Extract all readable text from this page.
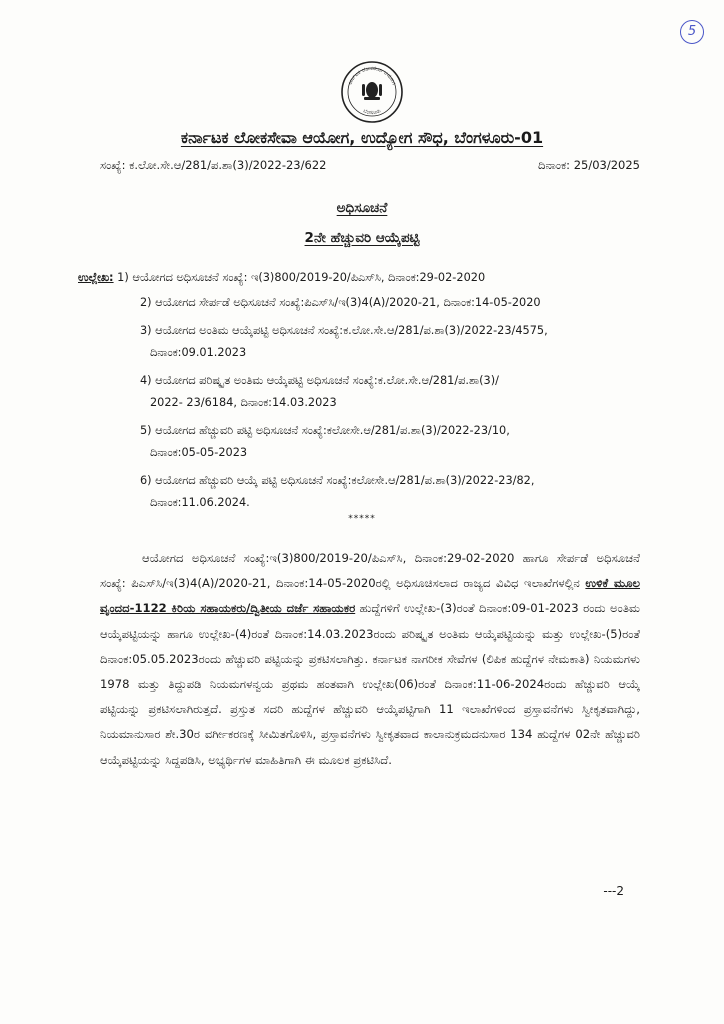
5
ಕರ್ನಾಟಕ ಲೋಕಸೇವಾ ಆಯೋಗ
ಬೆಂಗಳೂರು
ಕರ್ನಾಟಕ ಲೋಕಸೇವಾ ಆಯೋಗ, ಉದ್ಯೋಗ ಸೌಧ, ಬೆಂಗಳೂರು-01
ಸಂಖ್ಯೆ: ಕ.ಲೋ.ಸೇ.ಆ/281/ಪ.ಶಾ(3)/2022-23/622	ದಿನಾಂಕ: 25/03/2025
ಅಧಿಸೂಚನೆ
2ನೇ ಹೆಚ್ಚುವರಿ ಆಯ್ಕೆಪಟ್ಟಿ
ಉಲ್ಲೇಖ: 1) ಆಯೋಗದ ಅಧಿಸೂಚನೆ ಸಂಖ್ಯೆ: ಇ(3)800/2019-20/ಪಿಎಸ್‌ಸಿ, ದಿನಾಂಕ:29-02-2020
2) ಆಯೋಗದ ಸೇರ್ಪಡೆ ಅಧಿಸೂಚನೆ ಸಂಖ್ಯೆ:ಪಿಎಸ್‌ಸಿ/ಇ(3)4(A)/2020-21, ದಿನಾಂಕ:14-05-2020
3) ಆಯೋಗದ ಅಂತಿಮ ಆಯ್ಕೆಪಟ್ಟಿ ಅಧಿಸೂಚನೆ ಸಂಖ್ಯೆ:ಕ.ಲೋ.ಸೇ.ಆ/281/ಪ.ಶಾ(3)/2022-23/4575,
ದಿನಾಂಕ:09.01.2023
4) ಆಯೋಗದ ಪರಿಷ್ಕೃತ ಅಂತಿಮ ಆಯ್ಕೆಪಟ್ಟಿ ಅಧಿಸೂಚನೆ ಸಂಖ್ಯೆ:ಕ.ಲೋ.ಸೇ.ಆ/281/ಪ.ಶಾ(3)/
2022- 23/6184, ದಿನಾಂಕ:14.03.2023
5) ಆಯೋಗದ ಹೆಚ್ಚುವರಿ ಪಟ್ಟಿ ಅಧಿಸೂಚನೆ ಸಂಖ್ಯೆ:ಕಲೋಸೇ.ಆ/281/ಪ.ಶಾ(3)/2022-23/10,
ದಿನಾಂಕ:05-05-2023
6) ಆಯೋಗದ ಹೆಚ್ಚುವರಿ ಆಯ್ಕೆ ಪಟ್ಟಿ ಅಧಿಸೂಚನೆ ಸಂಖ್ಯೆ:ಕಲೋಸೇ.ಆ/281/ಪ.ಶಾ(3)/2022-23/82,
ದಿನಾಂಕ:11.06.2024.
*****
ಆಯೋಗದ ಅಧಿಸೂಚನೆ ಸಂಖ್ಯೆ:ಇ(3)800/2019-20/ಪಿಎಸ್‌ಸಿ, ದಿನಾಂಕ:29-02-2020 ಹಾಗೂ ಸೇರ್ಪಡೆ ಅಧಿಸೂಚನೆ ಸಂಖ್ಯೆ: ಪಿಎಸ್‌ಸಿ/ಇ(3)4(A)/2020-21, ದಿನಾಂಕ:14-05-2020ರಲ್ಲಿ ಅಧಿಸೂಚಿಸಲಾದ ರಾಜ್ಯದ ವಿವಿಧ ಇಲಾಖೆಗಳಲ್ಲಿನ ಉಳಿಕೆ ಮೂಲ ವೃಂದದ-1122 ಕಿರಿಯ ಸಹಾಯಕರು/ದ್ವಿತೀಯ ದರ್ಜೆ ಸಹಾಯಕರ ಹುದ್ದೆಗಳಿಗೆ ಉಲ್ಲೇಖ-(3)ರಂತೆ ದಿನಾಂಕ:09-01-2023 ರಂದು ಅಂತಿಮ ಆಯ್ಕೆಪಟ್ಟಿಯನ್ನು ಹಾಗೂ ಉಲ್ಲೇಖ-(4)ರಂತೆ ದಿನಾಂಕ:14.03.2023ರಂದು ಪರಿಷ್ಕೃತ ಅಂತಿಮ ಆಯ್ಕೆಪಟ್ಟಿಯನ್ನು ಮತ್ತು ಉಲ್ಲೇಖ-(5)ರಂತೆ ದಿನಾಂಕ:05.05.2023ರಂದು ಹೆಚ್ಚುವರಿ ಪಟ್ಟಿಯನ್ನು ಪ್ರಕಟಿಸಲಾಗಿತ್ತು. ಕರ್ನಾಟಕ ನಾಗರೀಕ ಸೇವೆಗಳ (ಲಿಪಿಕ ಹುದ್ದೆಗಳ ನೇಮಕಾತಿ) ನಿಯಮಗಳು 1978 ಮತ್ತು ತಿದ್ದುಪಡಿ ನಿಯಮಗಳನ್ವಯ ಪ್ರಥಮ ಹಂತವಾಗಿ ಉಲ್ಲೇಖ(06)ರಂತೆ ದಿನಾಂಕ:11-06-2024ರಂದು ಹೆಚ್ಚುವರಿ ಆಯ್ಕೆ ಪಟ್ಟಿಯನ್ನು ಪ್ರಕಟಿಸಲಾಗಿರುತ್ತದೆ. ಪ್ರಸ್ತುತ ಸದರಿ ಹುದ್ದೆಗಳ ಹೆಚ್ಚುವರಿ ಆಯ್ಕೆಪಟ್ಟಿಗಾಗಿ 11 ಇಲಾಖೆಗಳಿಂದ ಪ್ರಸ್ತಾವನೆಗಳು ಸ್ವೀಕೃತವಾಗಿದ್ದು, ನಿಯಮಾನುಸಾರ ಶೇ.30ರ ವರ್ಗೀಕರಣಕ್ಕೆ ಸೀಮಿತಗೊಳಿಸಿ, ಪ್ರಸ್ತಾವನೆಗಳು ಸ್ವೀಕೃತವಾದ ಕಾಲಾನುಕ್ರಮದನುಸಾರ 134 ಹುದ್ದೆಗಳ 02ನೇ ಹೆಚ್ಚುವರಿ ಆಯ್ಕೆಪಟ್ಟಿಯನ್ನು ಸಿದ್ದಪಡಿಸಿ, ಅಭ್ಯರ್ಥಿಗಳ ಮಾಹಿತಿಗಾಗಿ ಈ ಮೂಲಕ ಪ್ರಕಟಿಸಿದೆ.
---2
